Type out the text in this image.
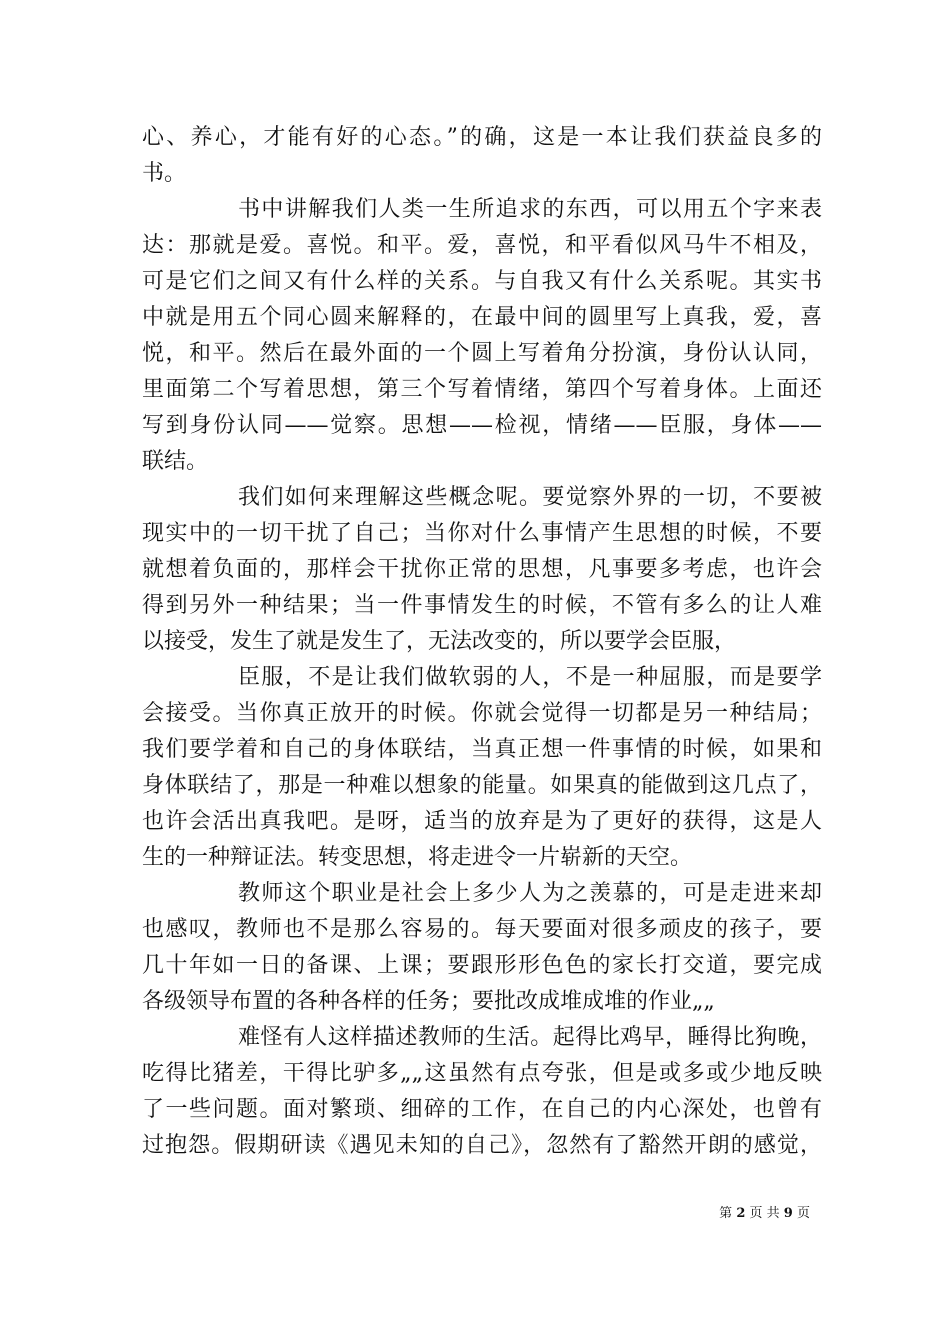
心、养心，才能有好的心态。”的确，这是一本让我们获益良多的
书。
书中讲解我们人类一生所追求的东西，可以用五个字来表
达：那就是爱。喜悦。和平。爱，喜悦，和平看似风马牛不相及，
可是它们之间又有什么样的关系。与自我又有什么关系呢。其实书
中就是用五个同心圆来解释的，在最中间的圆里写上真我，爱，喜
悦，和平。然后在最外面的一个圆上写着角分扮演，身份认认同，
里面第二个写着思想，第三个写着情绪，第四个写着身体。上面还
写到身份认同——觉察。思想——检视，情绪——臣服，身体——
联结。
我们如何来理解这些概念呢。要觉察外界的一切，不要被
现实中的一切干扰了自己；当你对什么事情产生思想的时候，不要
就想着负面的，那样会干扰你正常的思想，凡事要多考虑，也许会
得到另外一种结果；当一件事情发生的时候，不管有多么的让人难
以接受，发生了就是发生了，无法改变的，所以要学会臣服，
臣服，不是让我们做软弱的人，不是一种屈服，而是要学
会接受。当你真正放开的时候。你就会觉得一切都是另一种结局；
我们要学着和自己的身体联结，当真正想一件事情的时候，如果和
身体联结了，那是一种难以想象的能量。如果真的能做到这几点了，
也许会活出真我吧。是呀，适当的放弃是为了更好的获得，这是人
生的一种辩证法。转变思想，将走进令一片崭新的天空。
教师这个职业是社会上多少人为之羡慕的，可是走进来却
也感叹，教师也不是那么容易的。每天要面对很多顽皮的孩子，要
几十年如一日的备课、上课；要跟形形色色的家长打交道，要完成
各级领导布置的各种各样的任务；要批改成堆成堆的作业„„
难怪有人这样描述教师的生活。起得比鸡早，睡得比狗晚，
吃得比猪差，干得比驴多„„这虽然有点夸张，但是或多或少地反映
了一些问题。面对繁琐、细碎的工作，在自己的内心深处，也曾有
过抱怨。假期研读《遇见未知的自己》，忽然有了豁然开朗的感觉，
第 2 页 共 9 页
